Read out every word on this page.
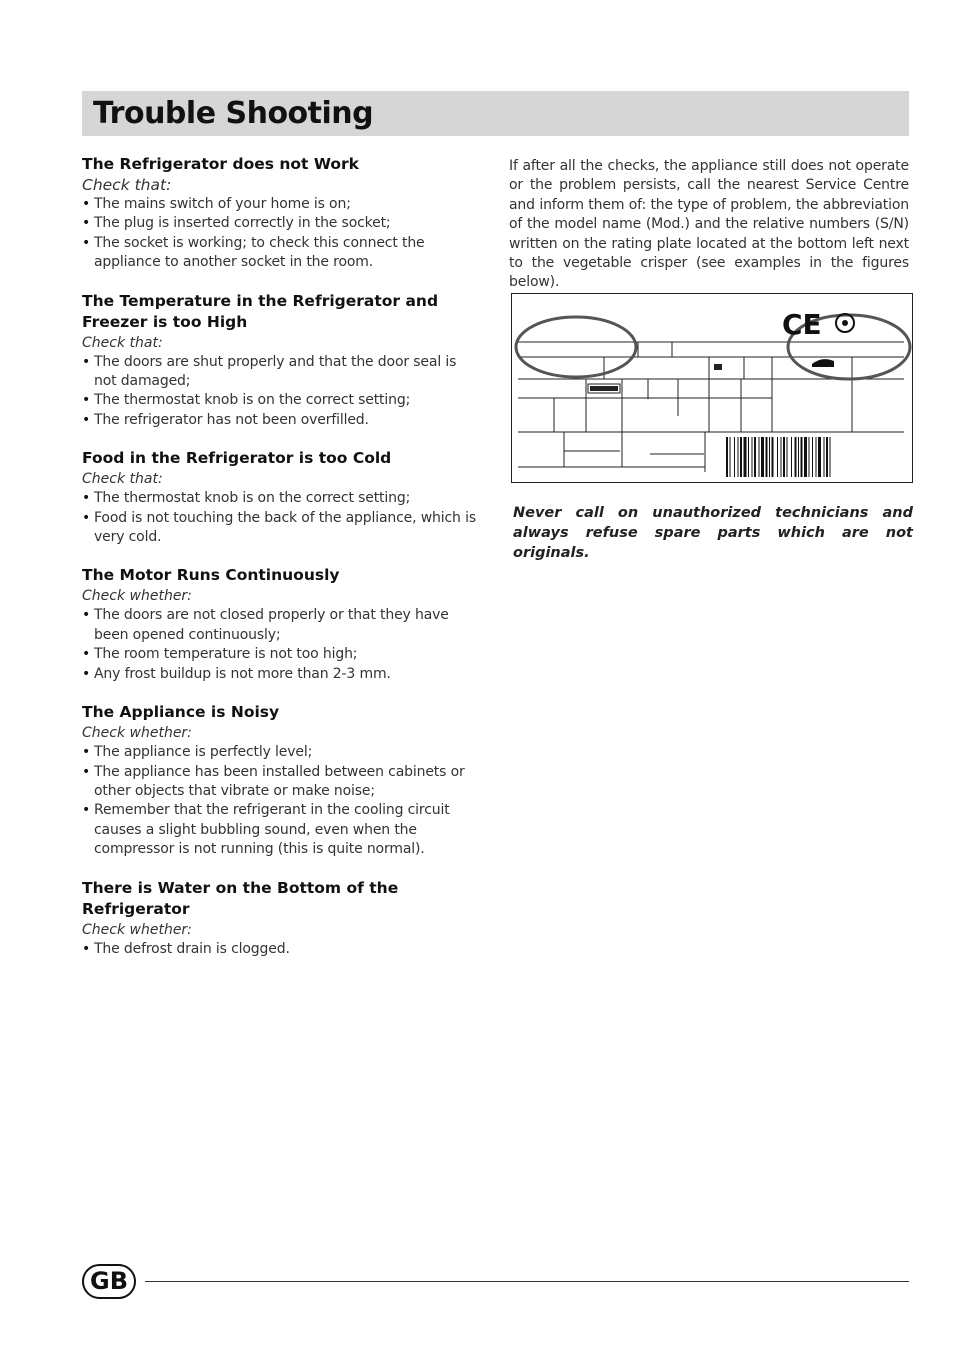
Trouble Shooting
The Refrigerator does not Work
Check that:
• The mains switch of your home is on;
• The plug is inserted correctly in the socket;
• The socket is working; to check this connect the appliance to another socket in the room.
The Temperature in the Refrigerator and Freezer is too High
Check that:
• The doors are shut properly and that the door seal is not damaged;
• The thermostat knob is on the correct setting;
• The refrigerator has not been overfilled.
Food in the Refrigerator is too Cold
Check that:
• The thermostat knob is on the correct setting;
• Food is not touching the back of the appliance, which is very cold.
The Motor Runs Continuously
Check whether:
• The doors are not closed properly or that they have been opened continuously;
• The room temperature is not too high;
• Any frost buildup is not more than 2-3 mm.
The Appliance is Noisy
Check whether:
• The appliance is perfectly level;
• The appliance has been installed between cabinets or other objects that vibrate or make noise;
• Remember that the refrigerant in the cooling circuit causes a slight bubbling sound, even when the compressor is not running (this is quite normal).
There is Water on the Bottom of the Refrigerator
Check whether:
• The defrost drain is clogged.
If after all the checks, the appliance still does not operate or the problem persists, call the nearest Service Centre and inform them of: the type of problem, the abbreviation of the model name (Mod.) and the relative numbers (S/N) written on the rating plate located at the bottom left next to the vegetable crisper (see examples in the figures below).
CE
Never call on unauthorized technicians and always refuse spare parts which are not originals.
GB
